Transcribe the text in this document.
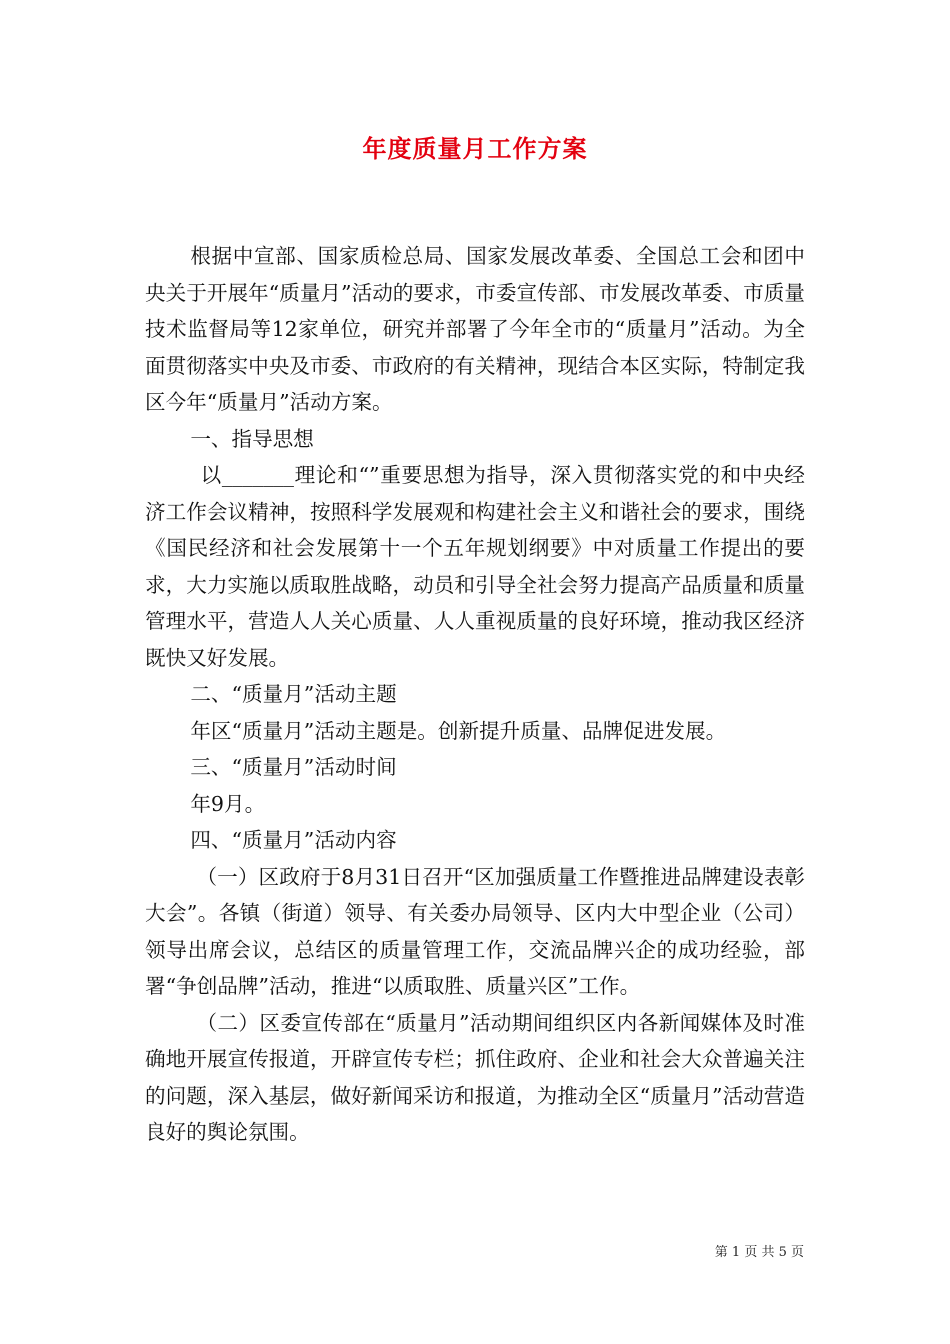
年度质量月工作方案

根据中宣部、国家质检总局、国家发展改革委、全国总工会和团中央关于开展年“质量月”活动的要求，市委宣传部、市发展改革委、市质量技术监督局等12家单位，研究并部署了今年全市的“质量月”活动。为全面贯彻落实中央及市委、市政府的有关精神，现结合本区实际，特制定我区今年“质量月”活动方案。

一、指导思想

以_______理论和“”重要思想为指导，深入贯彻落实党的和中央经济工作会议精神，按照科学发展观和构建社会主义和谐社会的要求，围绕《国民经济和社会发展第十一个五年规划纲要》中对质量工作提出的要求，大力实施以质取胜战略，动员和引导全社会努力提高产品质量和质量管理水平，营造人人关心质量、人人重视质量的良好环境，推动我区经济既快又好发展。

二、“质量月”活动主题

年区“质量月”活动主题是。创新提升质量、品牌促进发展。

三、“质量月”活动时间

年9月。

四、“质量月”活动内容

（一）区政府于8月31日召开“区加强质量工作暨推进品牌建设表彰大会”。各镇（街道）领导、有关委办局领导、区内大中型企业（公司）领导出席会议，总结区的质量管理工作，交流品牌兴企的成功经验，部署“争创品牌”活动，推进“以质取胜、质量兴区”工作。

（二）区委宣传部在“质量月”活动期间组织区内各新闻媒体及时准确地开展宣传报道，开辟宣传专栏；抓住政府、企业和社会大众普遍关注的问题，深入基层，做好新闻采访和报道，为推动全区“质量月”活动营造良好的舆论氛围。

第 1 页 共 5 页
